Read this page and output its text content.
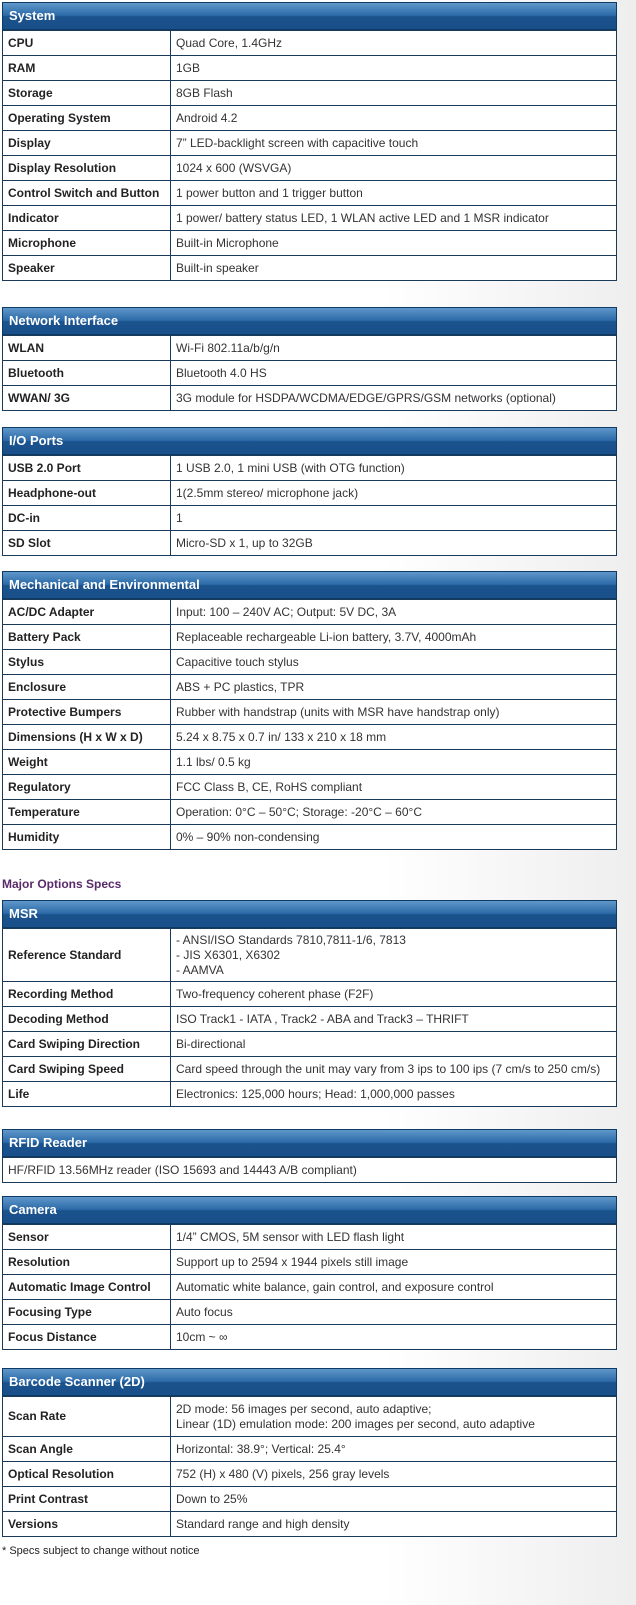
System
CPU	Quad Core, 1.4GHz
RAM	1GB
Storage	8GB Flash
Operating System	Android 4.2
Display	7” LED-backlight screen with capacitive touch
Display Resolution	1024 x 600 (WSVGA)
Control Switch and Button	1 power button and 1 trigger button
Indicator	1 power/ battery status LED, 1 WLAN active LED and 1 MSR indicator
Microphone	Built-in Microphone
Speaker	Built-in speaker
Network Interface
WLAN	Wi-Fi 802.11a/b/g/n
Bluetooth	Bluetooth 4.0 HS
WWAN/ 3G	3G module for HSDPA/WCDMA/EDGE/GPRS/GSM networks (optional)
I/O Ports
USB 2.0 Port	1 USB 2.0, 1 mini USB (with OTG function)
Headphone-out	1(2.5mm stereo/ microphone jack)
DC-in	1
SD Slot	Micro-SD x 1, up to 32GB
Mechanical and Environmental
AC/DC Adapter	Input: 100 – 240V AC; Output: 5V DC, 3A
Battery Pack	Replaceable rechargeable Li-ion battery, 3.7V, 4000mAh
Stylus	Capacitive touch stylus
Enclosure	ABS + PC plastics, TPR
Protective Bumpers	Rubber with handstrap (units with MSR have handstrap only)
Dimensions (H x W x D)	5.24 x 8.75 x 0.7 in/ 133 x 210 x 18 mm
Weight	1.1 lbs/ 0.5 kg
Regulatory	FCC Class B, CE, RoHS compliant
Temperature	Operation: 0°C – 50°C; Storage: -20°C – 60°C
Humidity	0% – 90% non-condensing
Major Options Specs
MSR
Reference Standard	- ANSI/ISO Standards 7810,7811-1/6, 7813
- JIS X6301, X6302
- AAMVA

Recording Method	Two-frequency coherent phase (F2F)
Decoding Method	ISO Track1 - IATA , Track2 - ABA and Track3 – THRIFT
Card Swiping Direction	Bi-directional
Card Swiping Speed	Card speed through the unit may vary from 3 ips to 100 ips (7 cm/s to 250 cm/s)
Life	Electronics: 125,000 hours; Head: 1,000,000 passes
RFID Reader
HF/RFID 13.56MHz reader (ISO 15693 and 14443 A/B compliant)
Camera
Sensor	1/4” CMOS, 5M sensor with LED flash light
Resolution	Support up to 2594 x 1944 pixels still image
Automatic Image Control	Automatic white balance, gain control, and exposure control
Focusing Type	Auto focus
Focus Distance	10cm ~ ∞
Barcode Scanner (2D)
Scan Rate	2D mode: 56 images per second, auto adaptive;
Linear (1D) emulation mode: 200 images per second, auto adaptive

Scan Angle	Horizontal: 38.9°; Vertical: 25.4°
Optical Resolution	752 (H) x 480 (V) pixels, 256 gray levels
Print Contrast	Down to 25%
Versions	Standard range and high density
* Specs subject to change without notice
